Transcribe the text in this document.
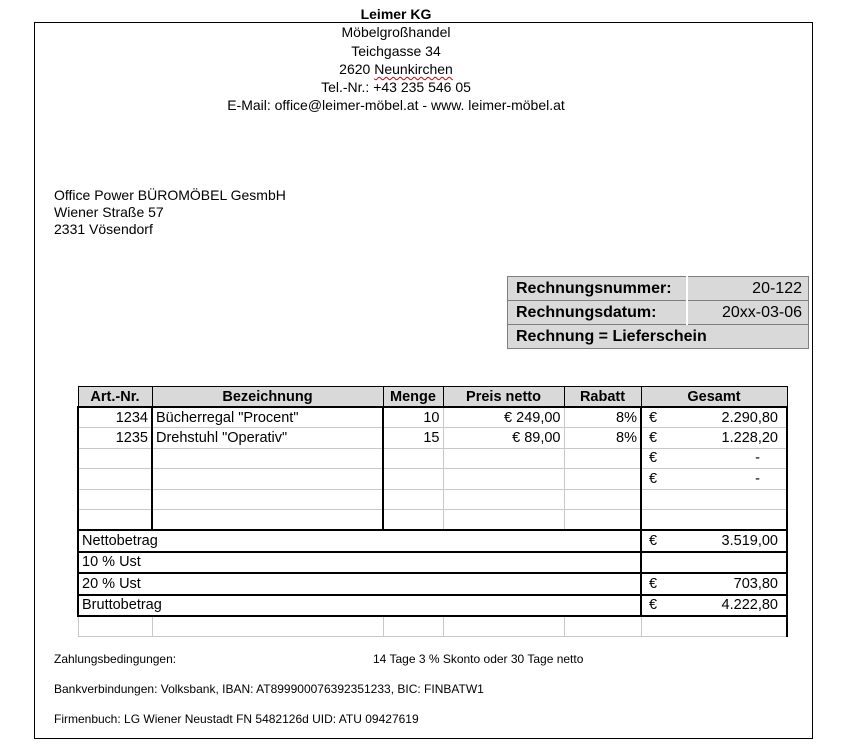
Leimer KG
Möbelgroßhandel
Teichgasse 34
2620 Neunkirchen
Tel.-Nr.: +43 235 546 05
E-Mail: office@leimer-möbel.at - www. leimer-möbel.at
Office Power BÜROMÖBEL GesmbH
Wiener Straße 57
2331 Vösendorf
Rechnungsnummer:	20-122
Rechnungsdatum:	20xx-03-06
Rechnung = Lieferschein	
Art.-Nr.	Bezeichnung	Menge	Preis netto	Rabatt	Gesamt	
1234	Bücherregal "Procent"	10	€ 249,00	8%	€	2.290,80
1235	Drehstuhl "Operativ"	15	€ 89,00	8%	€	1.228,20
					€	-
					€	-

Nettobetrag					€	3.519,00
10 % Ust						
20 % Ust					€	703,80
Bruttobetrag					€	4.222,80

Zahlungsbedingungen:	14 Tage 3 % Skonto oder 30 Tage netto
Bankverbindungen: Volksbank, IBAN: AT899900076392351233, BIC: FINBATW1
Firmenbuch: LG Wiener Neustadt FN 5482126d UID: ATU 09427619
